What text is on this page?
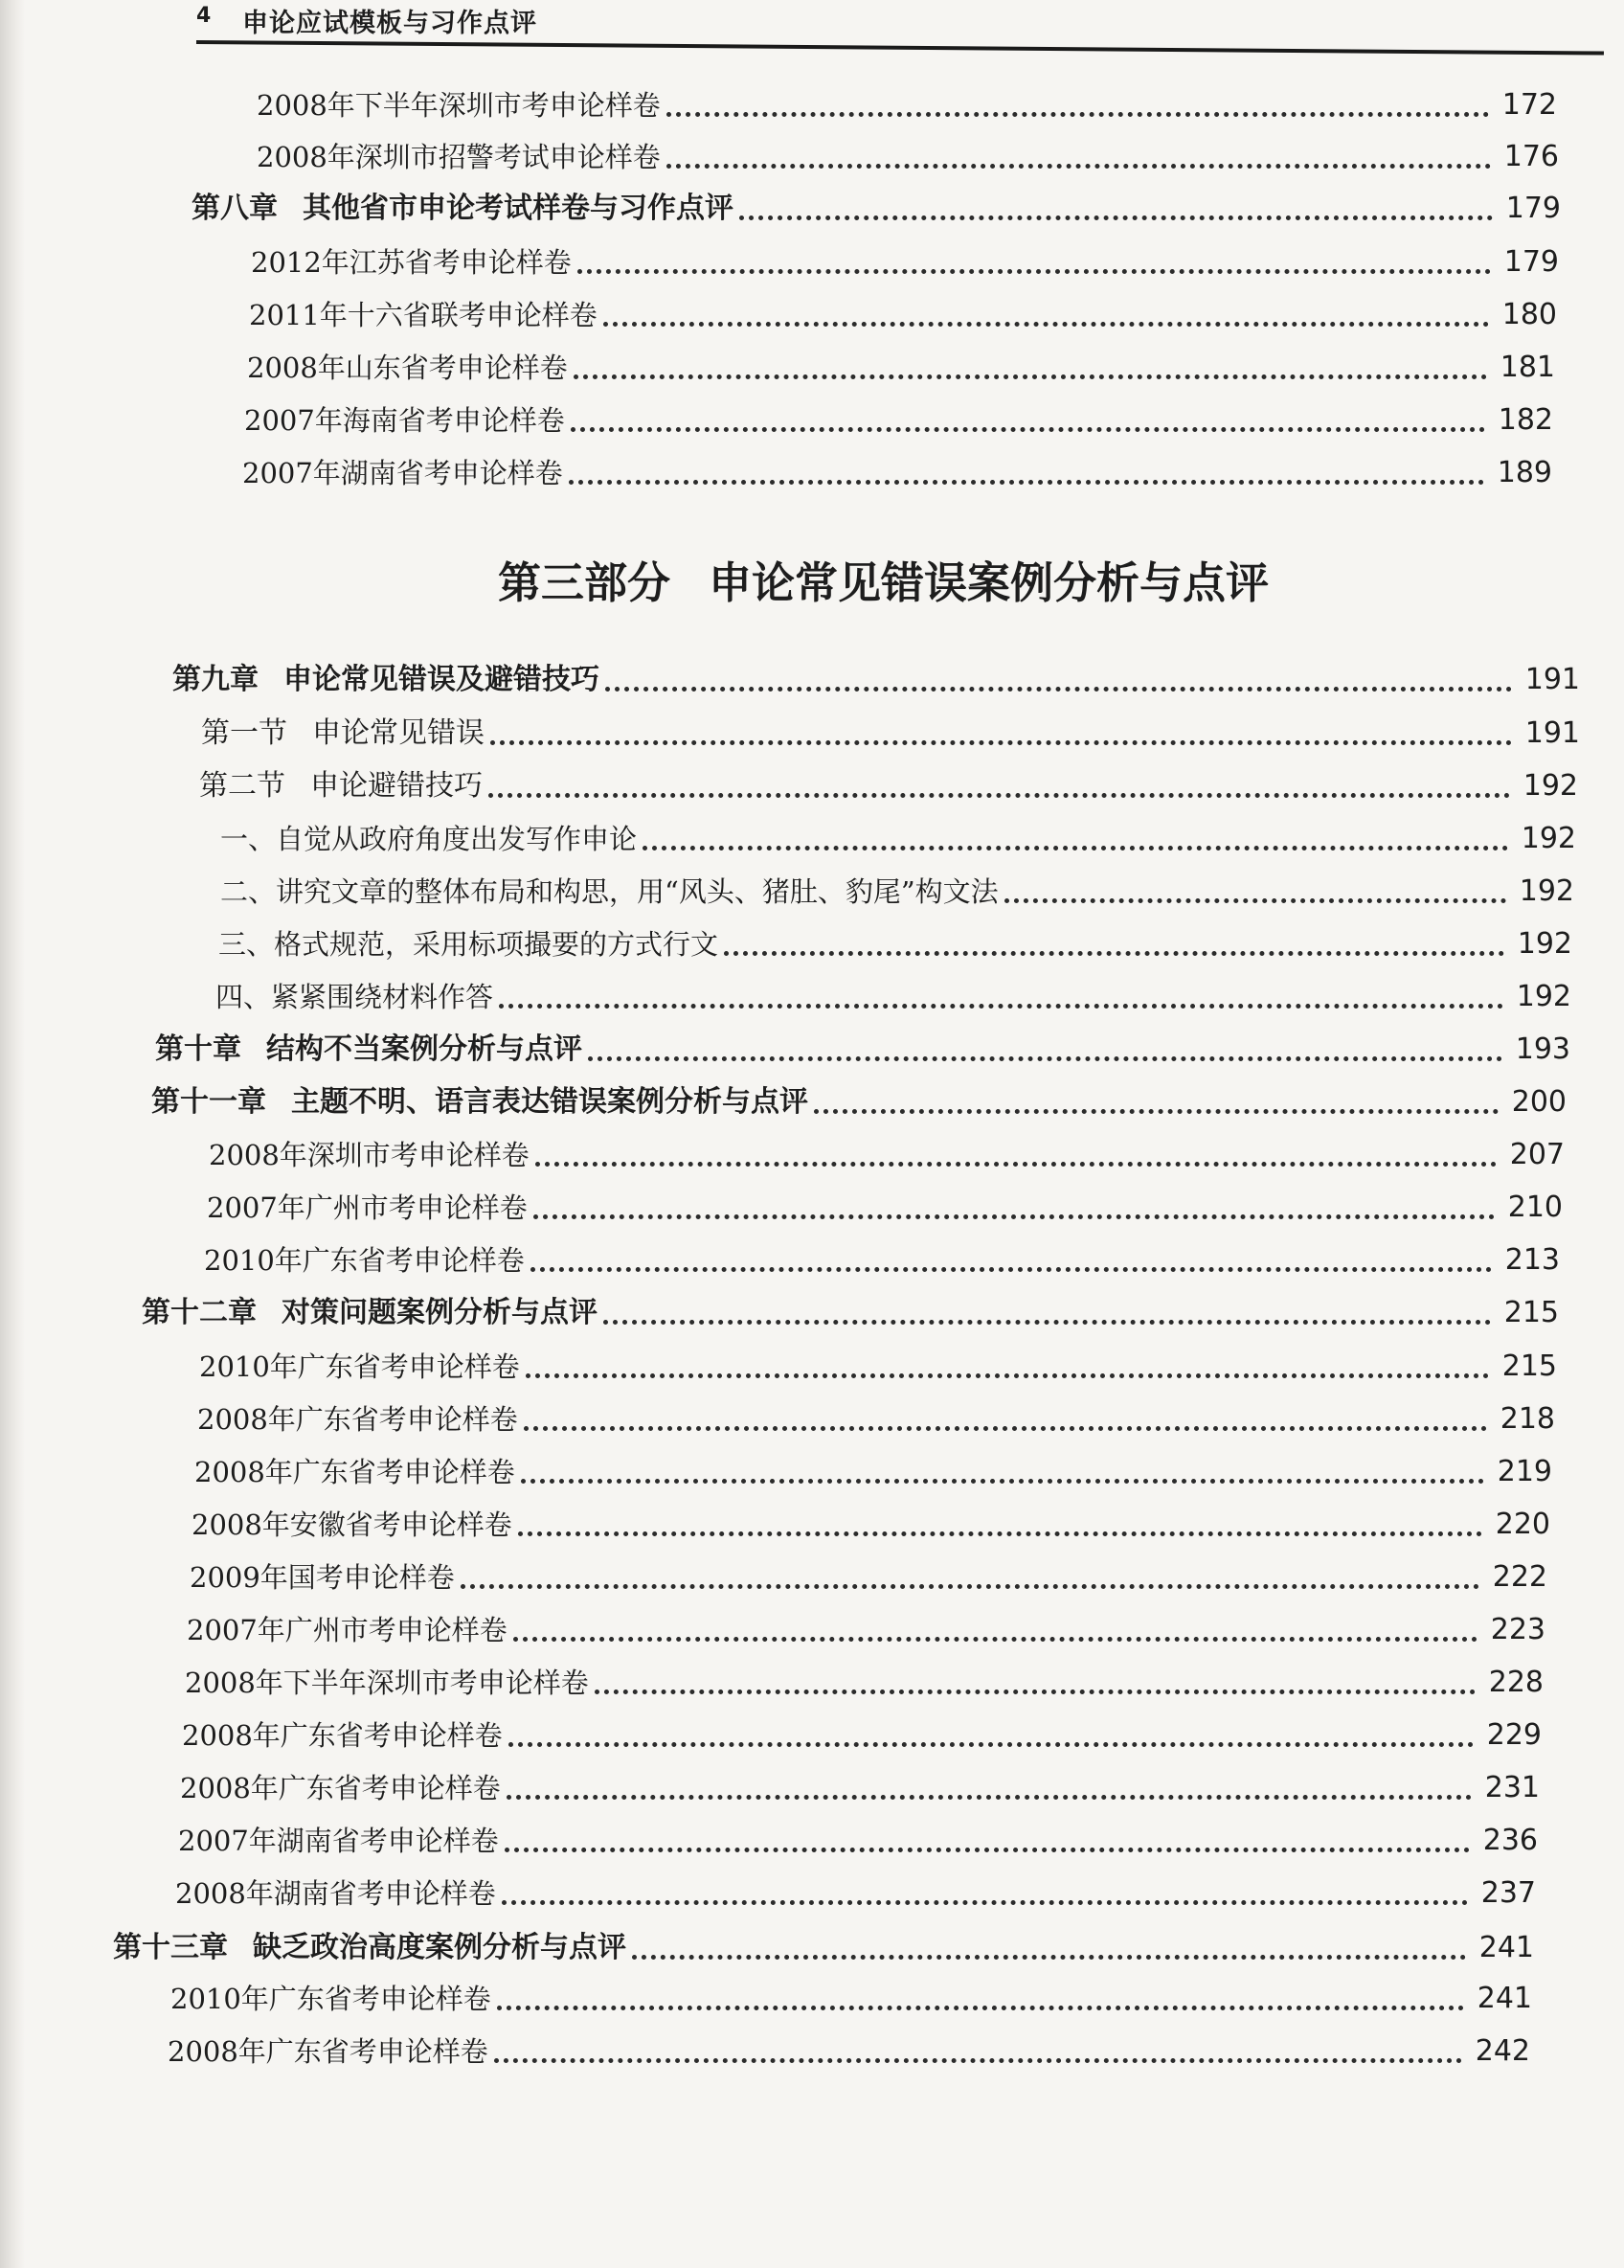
4 申论应试模板与习作点评
2008年下半年深圳市考申论样卷	172
2008年深圳市招警考试申论样卷	176
第八章 其他省市申论考试样卷与习作点评	179
2012年江苏省考申论样卷	179
2011年十六省联考申论样卷	180
2008年山东省考申论样卷	181
2007年海南省考申论样卷	182
2007年湖南省考申论样卷	189
第三部分 申论常见错误案例分析与点评
第九章 申论常见错误及避错技巧	191
第一节 申论常见错误	191
第二节 申论避错技巧	192
一、自觉从政府角度出发写作申论	192
二、讲究文章的整体布局和构思，用“风头、猪肚、豹尾”构文法	192
三、格式规范，采用标项撮要的方式行文	192
四、紧紧围绕材料作答	192
第十章 结构不当案例分析与点评	193
第十一章 主题不明、语言表达错误案例分析与点评	200
2008年深圳市考申论样卷	207
2007年广州市考申论样卷	210
2010年广东省考申论样卷	213
第十二章 对策问题案例分析与点评	215
2010年广东省考申论样卷	215
2008年广东省考申论样卷	218
2008年广东省考申论样卷	219
2008年安徽省考申论样卷	220
2009年国考申论样卷	222
2007年广州市考申论样卷	223
2008年下半年深圳市考申论样卷	228
2008年广东省考申论样卷	229
2008年广东省考申论样卷	231
2007年湖南省考申论样卷	236
2008年湖南省考申论样卷	237
第十三章 缺乏政治高度案例分析与点评	241
2010年广东省考申论样卷	241
2008年广东省考申论样卷	242
